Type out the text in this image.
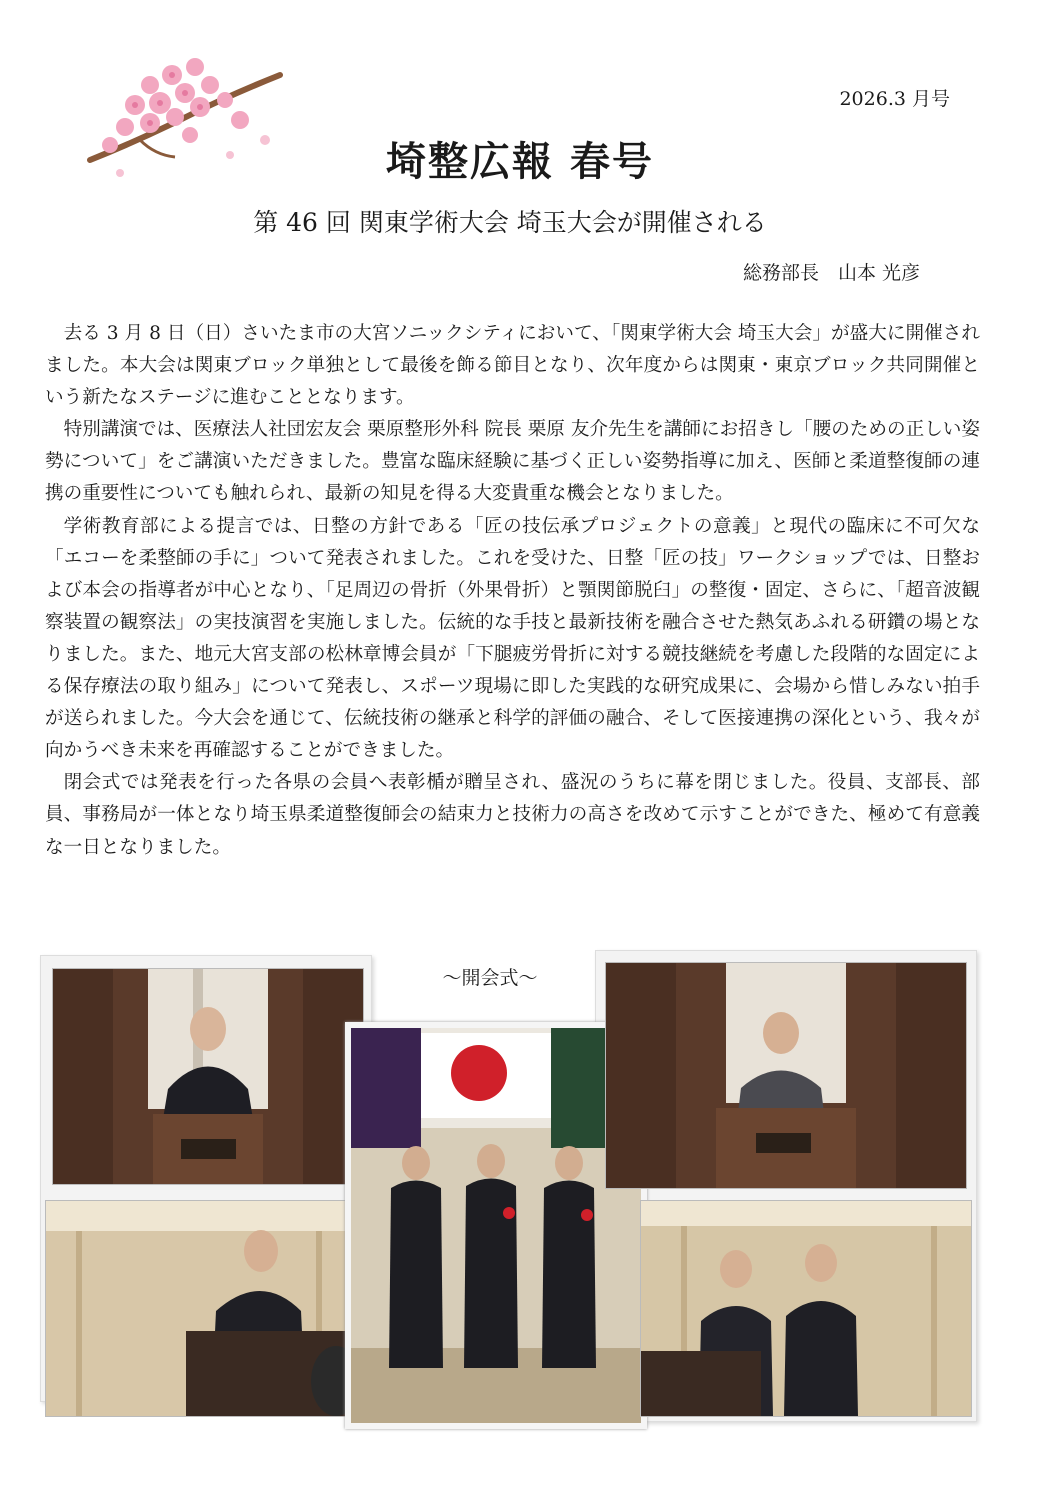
2026.3 月号
埼整広報 春号
第 46 回 関東学術大会 埼玉大会が開催される
総務部長　山本 光彦

去る 3 月 8 日（日）さいたま市の大宮ソニックシティにおいて、「関東学術大会 埼玉大会」が盛大に開催されました。本大会は関東ブロック単独として最後を飾る節目となり、次年度からは関東・東京ブロック共同開催という新たなステージに進むこととなります。

特別講演では、医療法人社団宏友会 栗原整形外科 院長 栗原 友介先生を講師にお招きし「腰のための正しい姿勢について」をご講演いただきました。豊富な臨床経験に基づく正しい姿勢指導に加え、医師と柔道整復師の連携の重要性についても触れられ、最新の知見を得る大変貴重な機会となりました。

学術教育部による提言では、日整の方針である「匠の技伝承プロジェクトの意義」と現代の臨床に不可欠な「エコーを柔整師の手に」ついて発表されました。これを受けた、日整「匠の技」ワークショップでは、日整および本会の指導者が中心となり、「足周辺の骨折（外果骨折）と顎関節脱臼」の整復・固定、さらに、「超音波観察装置の観察法」の実技演習を実施しました。伝統的な手技と最新技術を融合させた熱気あふれる研鑽の場となりました。また、地元大宮支部の松林章博会員が「下腿疲労骨折に対する競技継続を考慮した段階的な固定による保存療法の取り組み」について発表し、スポーツ現場に即した実践的な研究成果に、会場から惜しみない拍手が送られました。今大会を通じて、伝統技術の継承と科学的評価の融合、そして医接連携の深化という、我々が向かうべき未来を再確認することができました。

閉会式では発表を行った各県の会員へ表彰楯が贈呈され、盛況のうちに幕を閉じました。役員、支部長、部員、事務局が一体となり埼玉県柔道整復師会の結束力と技術力の高さを改めて示すことができた、極めて有意義な一日となりました。

～開会式～
